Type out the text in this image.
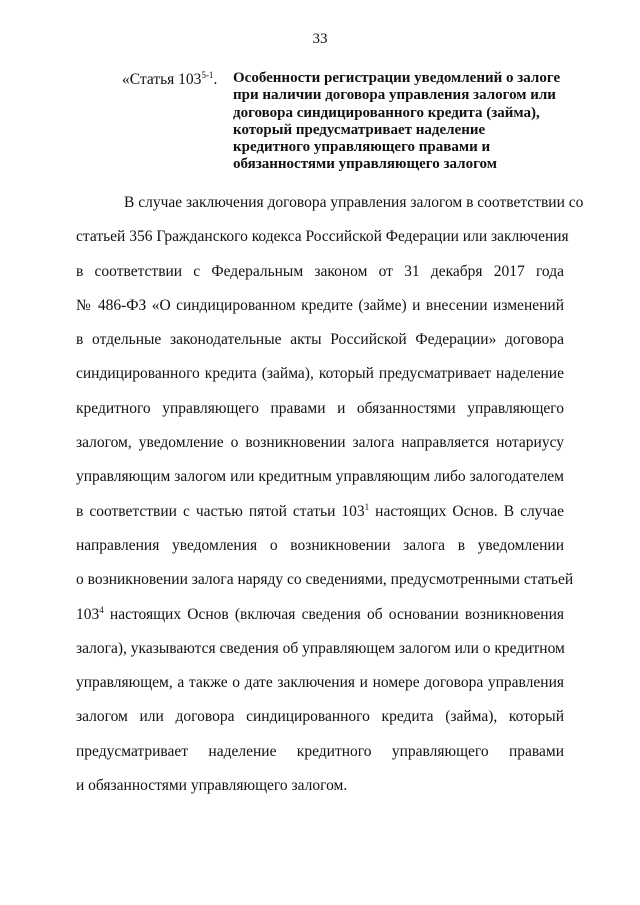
33
«Статья 103$^{5-1}$. Особенности регистрации уведомлений о залоге
при наличии договора управления залогом или
договора синдицированного кредита (займа),
который предусматривает наделение
кредитного управляющего правами и
обязанностями управляющего залогом
В случае заключения договора управления залогом в соответствии со
статьей 356 Гражданского кодекса Российской Федерации или заключения
в соответствии с Федеральным законом от 31 декабря 2017 года
№ 486-ФЗ «О синдицированном кредите (займе) и внесении изменений
в отдельные законодательные акты Российской Федерации» договора
синдицированного кредита (займа), который предусматривает наделение
кредитного управляющего правами и обязанностями управляющего
залогом, уведомление о возникновении залога направляется нотариусу
управляющим залогом или кредитным управляющим либо залогодателем
в соответствии с частью пятой статьи $103^1$ настоящих Основ. В случае
направления уведомления о возникновении залога в уведомлении
о возникновении залога наряду со сведениями, предусмотренными статьей
$103^4$ настоящих Основ (включая сведения об основании возникновения
залога), указываются сведения об управляющем залогом или о кредитном
управляющем, а также о дате заключения и номере договора управления
залогом или договора синдицированного кредита (займа), который
предусматривает наделение кредитного управляющего правами
и обязанностями управляющего залогом.
